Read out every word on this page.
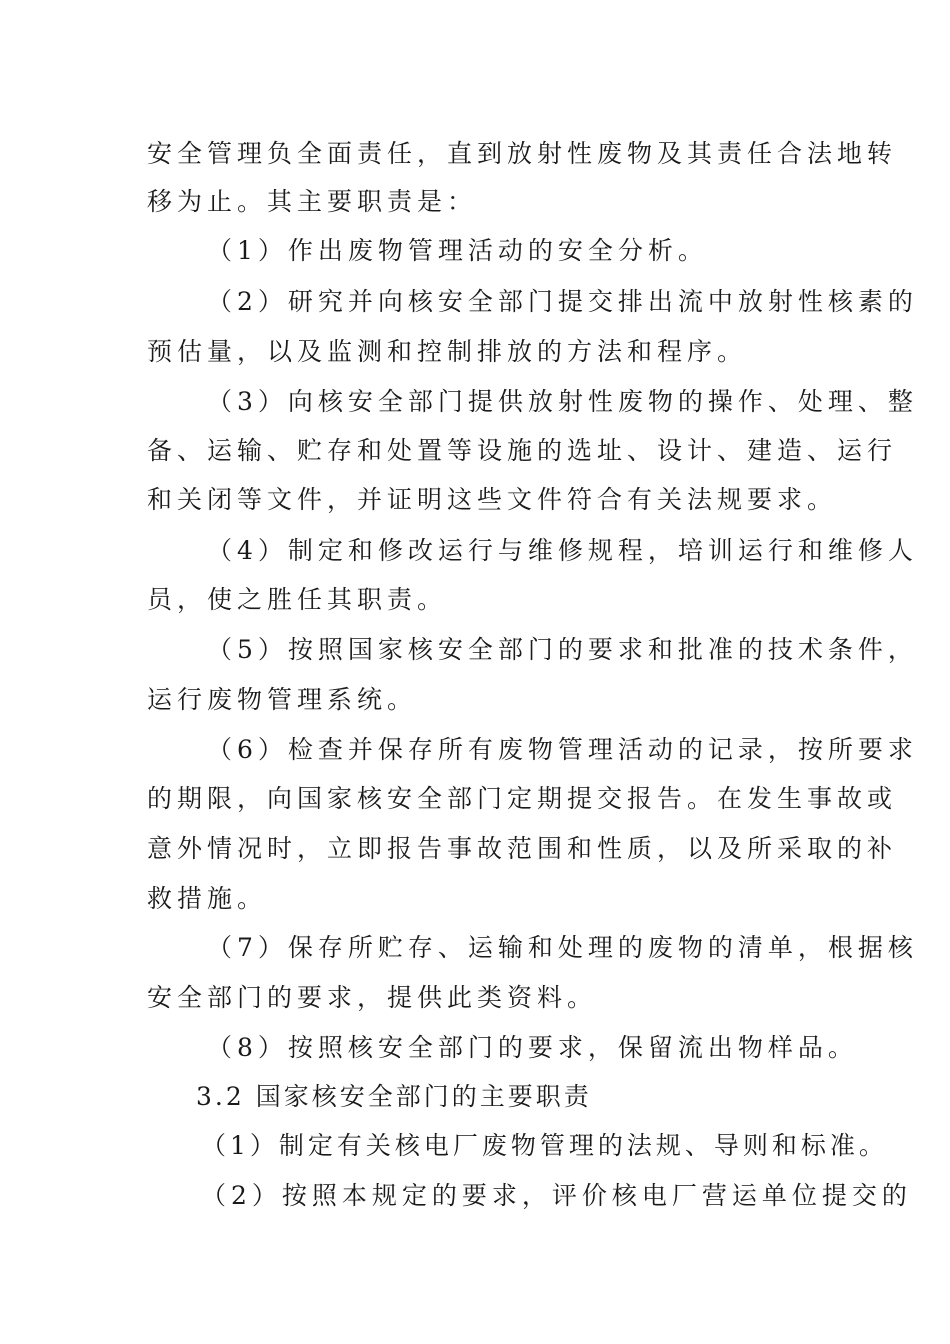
安全管理负全面责任，直到放射性废物及其责任合法地转

移为止。其主要职责是：

（1）作出废物管理活动的安全分析。

（2）研究并向核安全部门提交排出流中放射性核素的

预估量，以及监测和控制排放的方法和程序。

（3）向核安全部门提供放射性废物的操作、处理、整

备、运输、贮存和处置等设施的选址、设计、建造、运行

和关闭等文件，并证明这些文件符合有关法规要求。

（4）制定和修改运行与维修规程，培训运行和维修人

员，使之胜任其职责。

（5）按照国家核安全部门的要求和批准的技术条件，

运行废物管理系统。

（6）检查并保存所有废物管理活动的记录，按所要求

的期限，向国家核安全部门定期提交报告。在发生事故或

意外情况时，立即报告事故范围和性质，以及所采取的补

救措施。

（7）保存所贮存、运输和处理的废物的清单，根据核

安全部门的要求，提供此类资料。

（8）按照核安全部门的要求，保留流出物样品。

3.2 国家核安全部门的主要职责

（1）制定有关核电厂废物管理的法规、导则和标准。

（2）按照本规定的要求，评价核电厂营运单位提交的
